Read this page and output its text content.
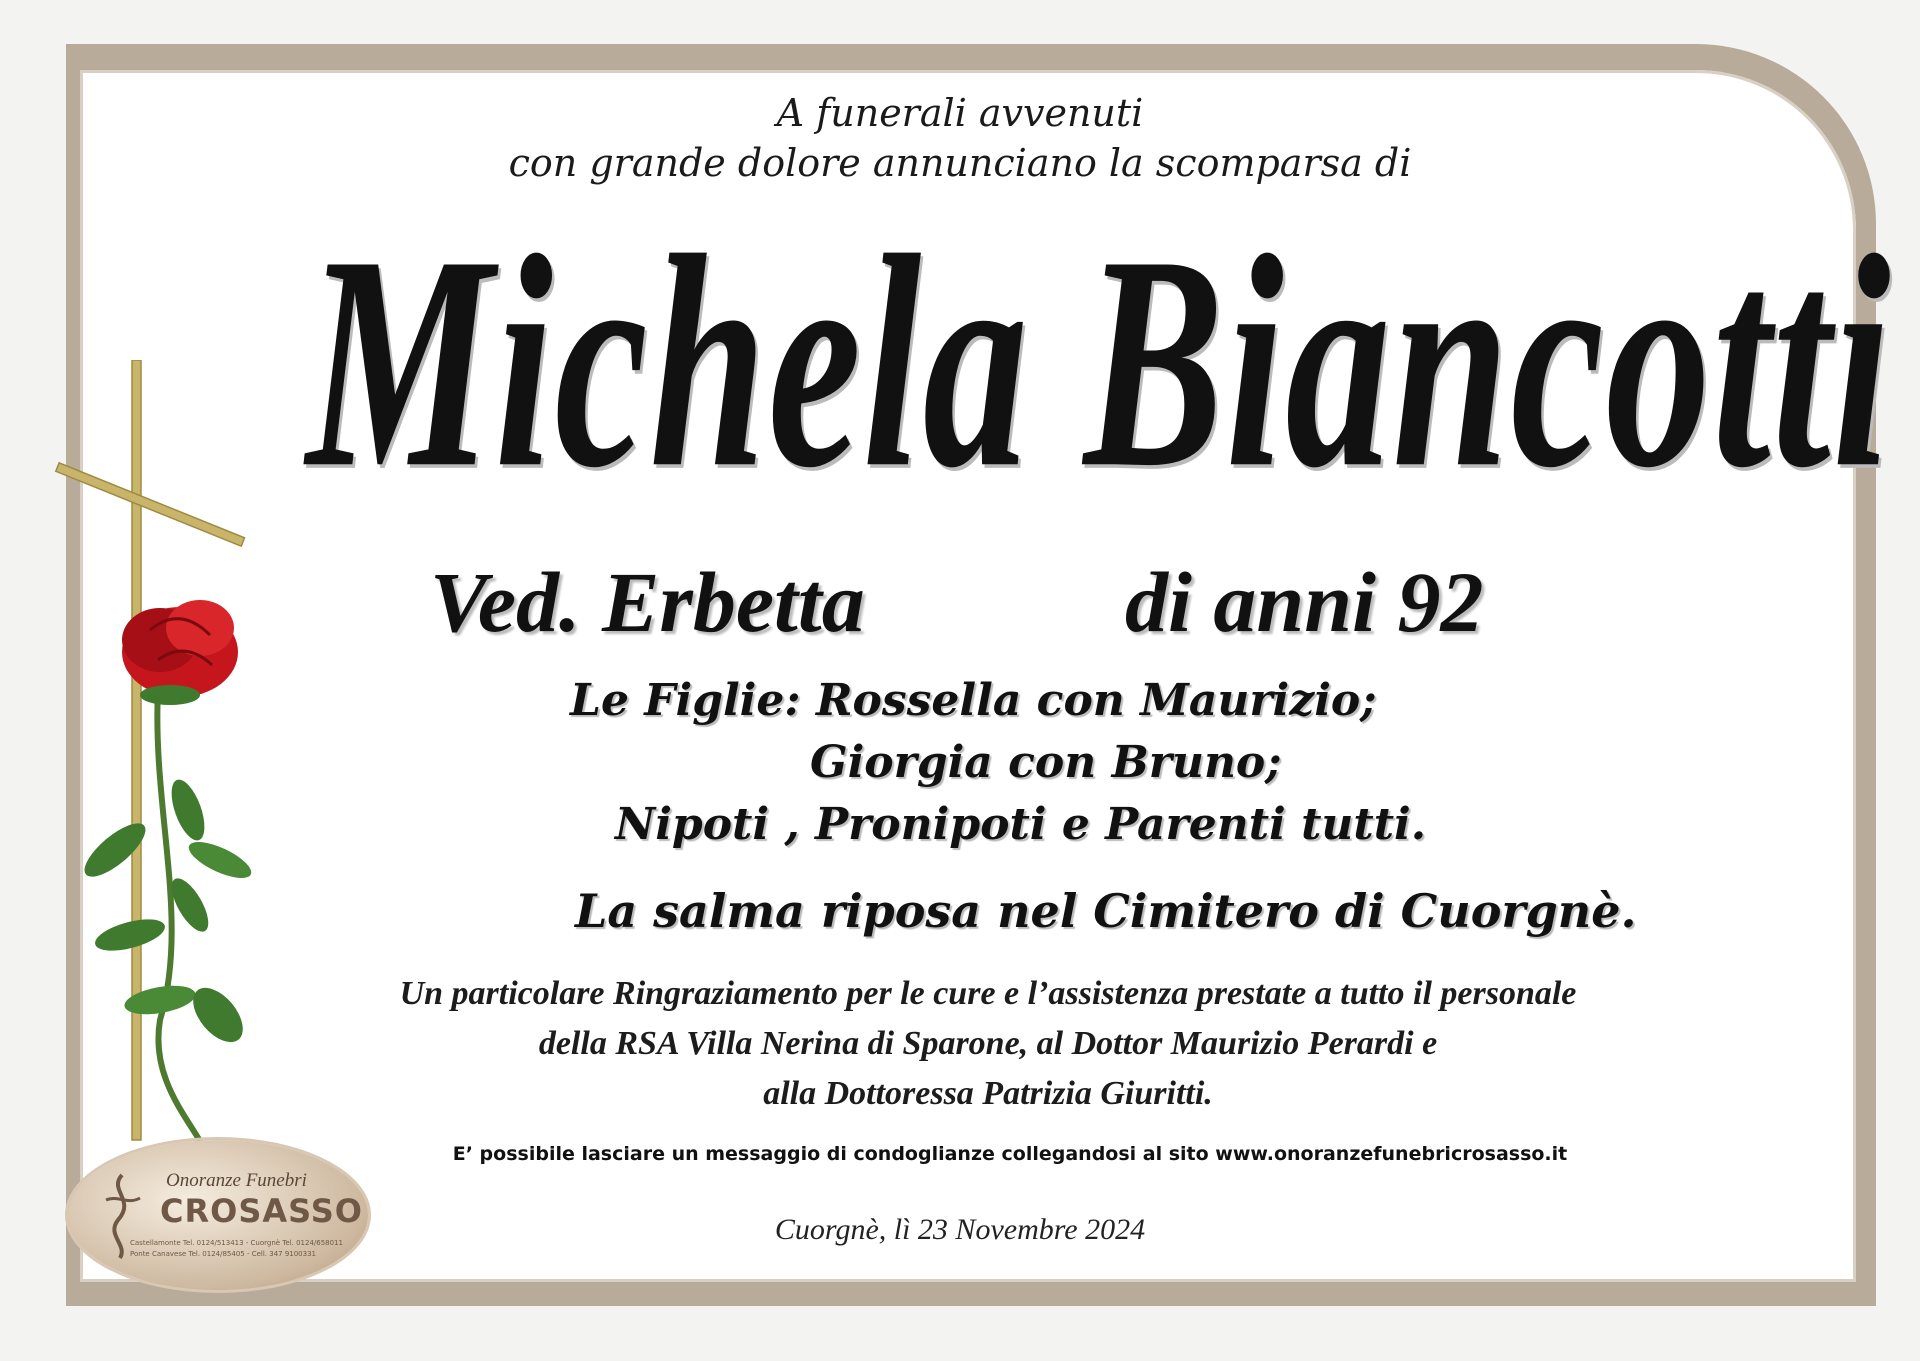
A funerali avvenuti
con grande dolore annunciano la scomparsa di
Michela Biancotti
Ved. Erbetta	di anni 92
Le Figlie: Rossella con Maurizio;
Giorgia con Bruno;
Nipoti , Pronipoti e Parenti tutti.
La salma riposa nel Cimitero di Cuorgnè.
Un particolare Ringraziamento per le cure e l’assistenza prestate a tutto il personale
della RSA Villa Nerina di Sparone, al Dottor Maurizio Perardi e
alla Dottoressa Patrizia Giuritti.
E’ possibile lasciare un messaggio di condoglianze collegandosi al sito www.onoranzefunebricrosasso.it
Cuorgnè, lì 23 Novembre 2024
Onoranze Funebri
CROSASSO
Castellamonte Tel. 0124/513413 - Cuorgnè Tel. 0124/658011
Ponte Canavese Tel. 0124/85405 - Cell. 347 9100331
